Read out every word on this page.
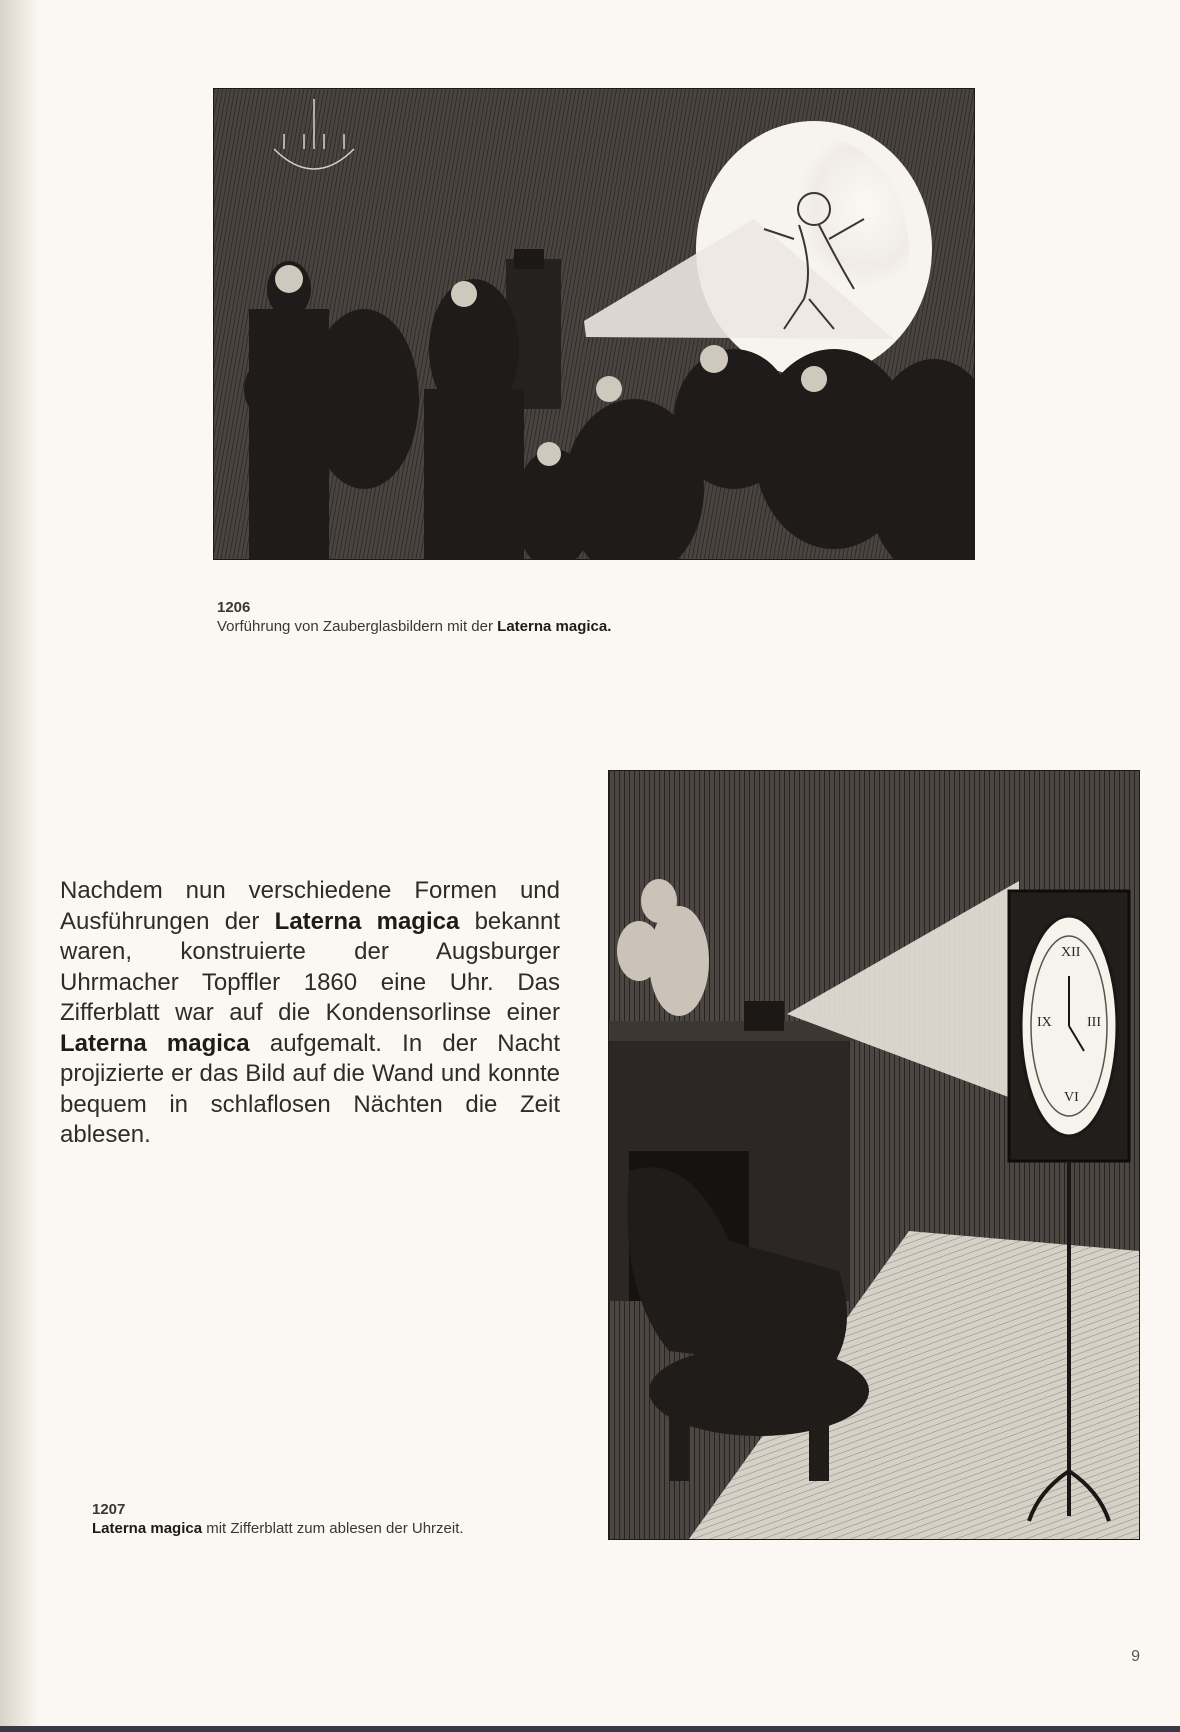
1206
Vorführung von Zauberglasbildern mit der Laterna magica.

Nachdem nun verschiedene Formen und Ausführungen der Laterna magica bekannt waren, konstruierte der Augsburger Uhrmacher Topffler 1860 eine Uhr. Das Zifferblatt war auf die Kondensorlinse einer Laterna magica aufgemalt. In der Nacht projizierte er das Bild auf die Wand und konnte bequem in schlaflosen Nächten die Zeit ablesen.

XII
III
VI
IX
1207
Laterna magica mit Zifferblatt zum ablesen der Uhrzeit.
9
